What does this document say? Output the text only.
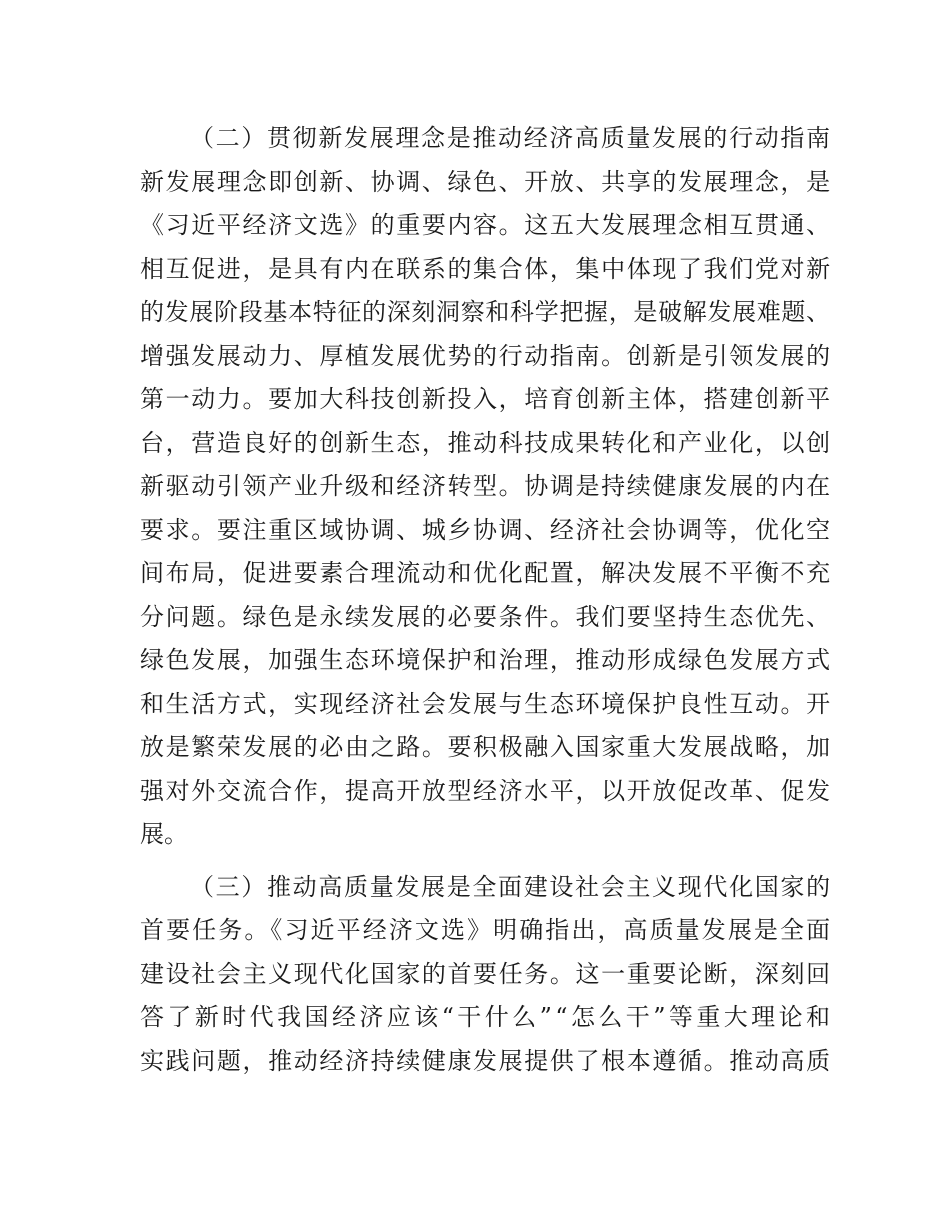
（二）贯彻新发展理念是推动经济高质量发展的行动指南
新发展理念即创新、协调、绿色、开放、共享的发展理念，是
《习近平经济文选》的重要内容。这五大发展理念相互贯通、
相互促进，是具有内在联系的集合体，集中体现了我们党对新
的发展阶段基本特征的深刻洞察和科学把握，是破解发展难题、
增强发展动力、厚植发展优势的行动指南。创新是引领发展的
第一动力。要加大科技创新投入，培育创新主体，搭建创新平
台，营造良好的创新生态，推动科技成果转化和产业化，以创
新驱动引领产业升级和经济转型。协调是持续健康发展的内在
要求。要注重区域协调、城乡协调、经济社会协调等，优化空
间布局，促进要素合理流动和优化配置，解决发展不平衡不充
分问题。绿色是永续发展的必要条件。我们要坚持生态优先、
绿色发展，加强生态环境保护和治理，推动形成绿色发展方式
和生活方式，实现经济社会发展与生态环境保护良性互动。开
放是繁荣发展的必由之路。要积极融入国家重大发展战略，加
强对外交流合作，提高开放型经济水平，以开放促改革、促发
展。
（三）推动高质量发展是全面建设社会主义现代化国家的
首要任务。《习近平经济文选》明确指出，高质量发展是全面
建设社会主义现代化国家的首要任务。这一重要论断，深刻回
答了新时代我国经济应该“干什么”“怎么干”等重大理论和
实践问题，推动经济持续健康发展提供了根本遵循。推动高质
